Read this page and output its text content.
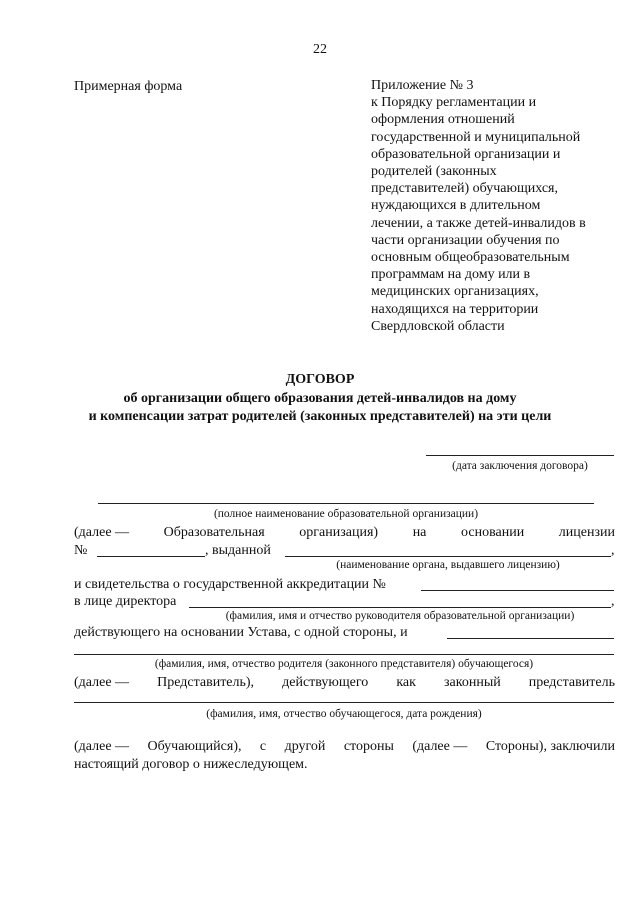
22
Примерная форма	Приложение № 3
к Порядку регламентации и
оформления отношений
государственной и муниципальной
образовательной организации и
родителей (законных
представителей) обучающихся,
нуждающихся в длительном
лечении, а также детей-инвалидов в
части организации обучения по
основным общеобразовательным
программам на дому или в
медицинских организациях,
находящихся на территории
Свердловской области
ДОГОВОР
об организации общего образования детей-инвалидов на дому
и компенсации затрат родителей (законных представителей) на эти цели
(дата заключения договора)
(полное наименование образовательной организации)
(далее — Образовательная организация) на основании лицензии
№	, выданной	,
(наименование органа, выдавшего лицензию)
и свидетельства о государственной аккредитации №
в лице директора	,
(фамилия, имя и отчество руководителя образовательной организации)
действующего на основании Устава, с одной стороны, и
(фамилия, имя, отчество родителя (законного представителя) обучающегося)
(далее — Представитель), действующего как законный представитель
(фамилия, имя, отчество обучающегося, дата рождения)
(далее — Обучающийся), с другой стороны (далее — Стороны), заключили
настоящий договор о нижеследующем.
